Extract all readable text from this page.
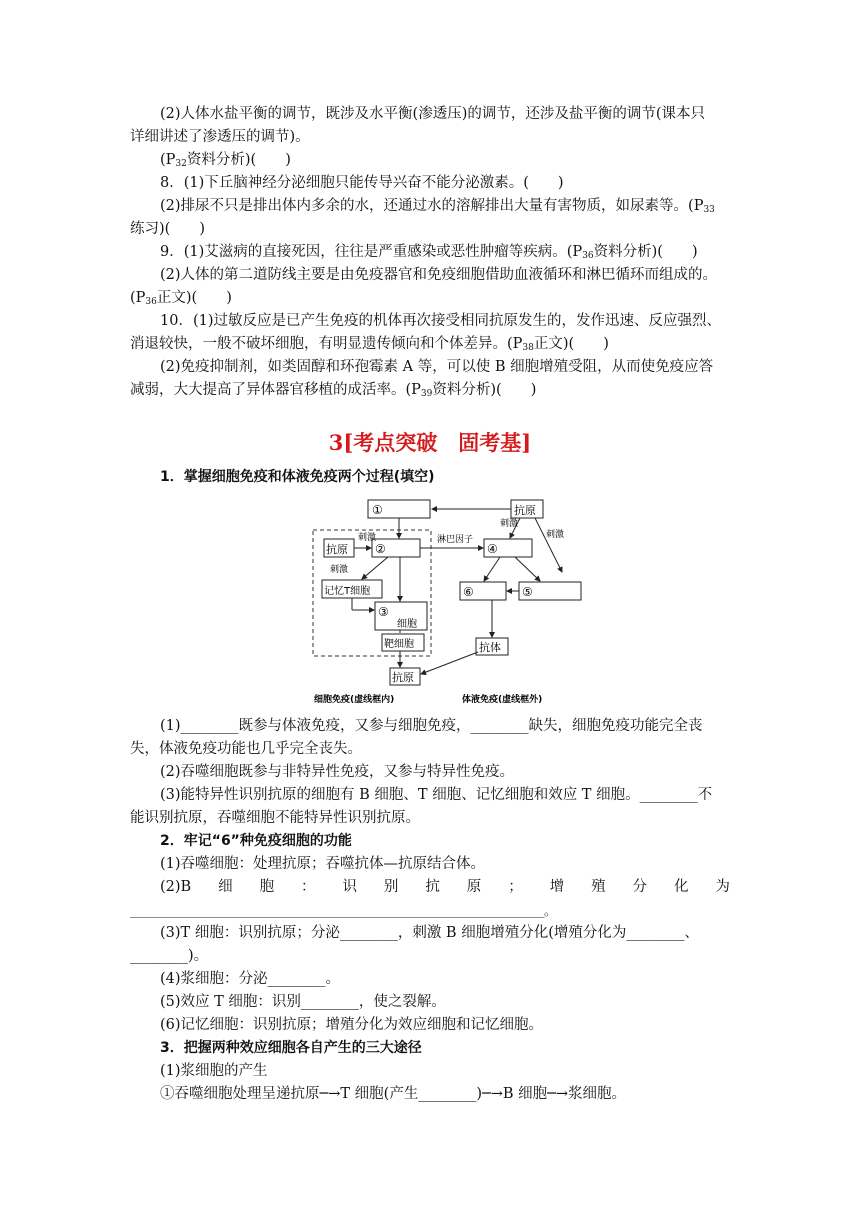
(2)人体水盐平衡的调节，既涉及水平衡(渗透压)的调节，还涉及盐平衡的调节(课本只
详细讲述了渗透压的调节)。
($P_{32}$资料分析)(　　)
8．(1)下丘脑神经分泌细胞只能传导兴奋不能分泌激素。(　　)
(2)排尿不只是排出体内多余的水，还通过水的溶解排出大量有害物质，如尿素等。($P_{33}$
练习)(　　)
9．(1)艾滋病的直接死因，往往是严重感染或恶性肿瘤等疾病。($P_{36}$资料分析)(　　)
(2)人体的第二道防线主要是由免疫器官和免疫细胞借助血液循环和淋巴循环而组成的。
($P_{36}$正文)(　　)
10．(1)过敏反应是已产生免疫的机体再次接受相同抗原发生的，发作迅速、反应强烈、
消退较快，一般不破坏细胞，有明显遗传倾向和个体差异。($P_{38}$正文)(　　)
(2)免疫抑制剂，如类固醇和环孢霉素 A 等，可以使 B 细胞增殖受阻，从而使免疫应答
减弱，大大提高了异体器官移植的成活率。($P_{39}$资料分析)(　　)
3[考点突破　固考基]
1．掌握细胞免疫和体液免疫两个过程(填空)
①	抗原
抗原 ②
刺激
刺激
淋巴因子
④
刺激
刺激
记忆T细胞
③
细胞
靶细胞
⑥	⑤
抗体
抗原
细胞免疫(虚线框内)	体液免疫(虚线框外)
(1)________既参与体液免疫，又参与细胞免疫，________缺失，细胞免疫功能完全丧
失，体液免疫功能也几乎完全丧失。
(2)吞噬细胞既参与非特异性免疫，又参与特异性免疫。
(3)能特异性识别抗原的细胞有 B 细胞、T 细胞、记忆细胞和效应 T 细胞。________不
能识别抗原，吞噬细胞不能特异性识别抗原。
2．牢记“6”种免疫细胞的功能
(1)吞噬细胞：处理抗原；吞噬抗体—抗原结合体。
(2)B 细 胞 ： 识 别 抗 原 ； 增 殖 分 化 为
________________________________________________________________________。
(3)T 细胞：识别抗原；分泌________，刺激 B 细胞增殖分化(增殖分化为________、
________)。
(4)浆细胞：分泌________。
(5)效应 T 细胞：识别________，使之裂解。
(6)记忆细胞：识别抗原；增殖分化为效应细胞和记忆细胞。
3．把握两种效应细胞各自产生的三大途径
(1)浆细胞的产生
①吞噬细胞处理呈递抗原─→T 细胞(产生________)─→B 细胞─→浆细胞。
